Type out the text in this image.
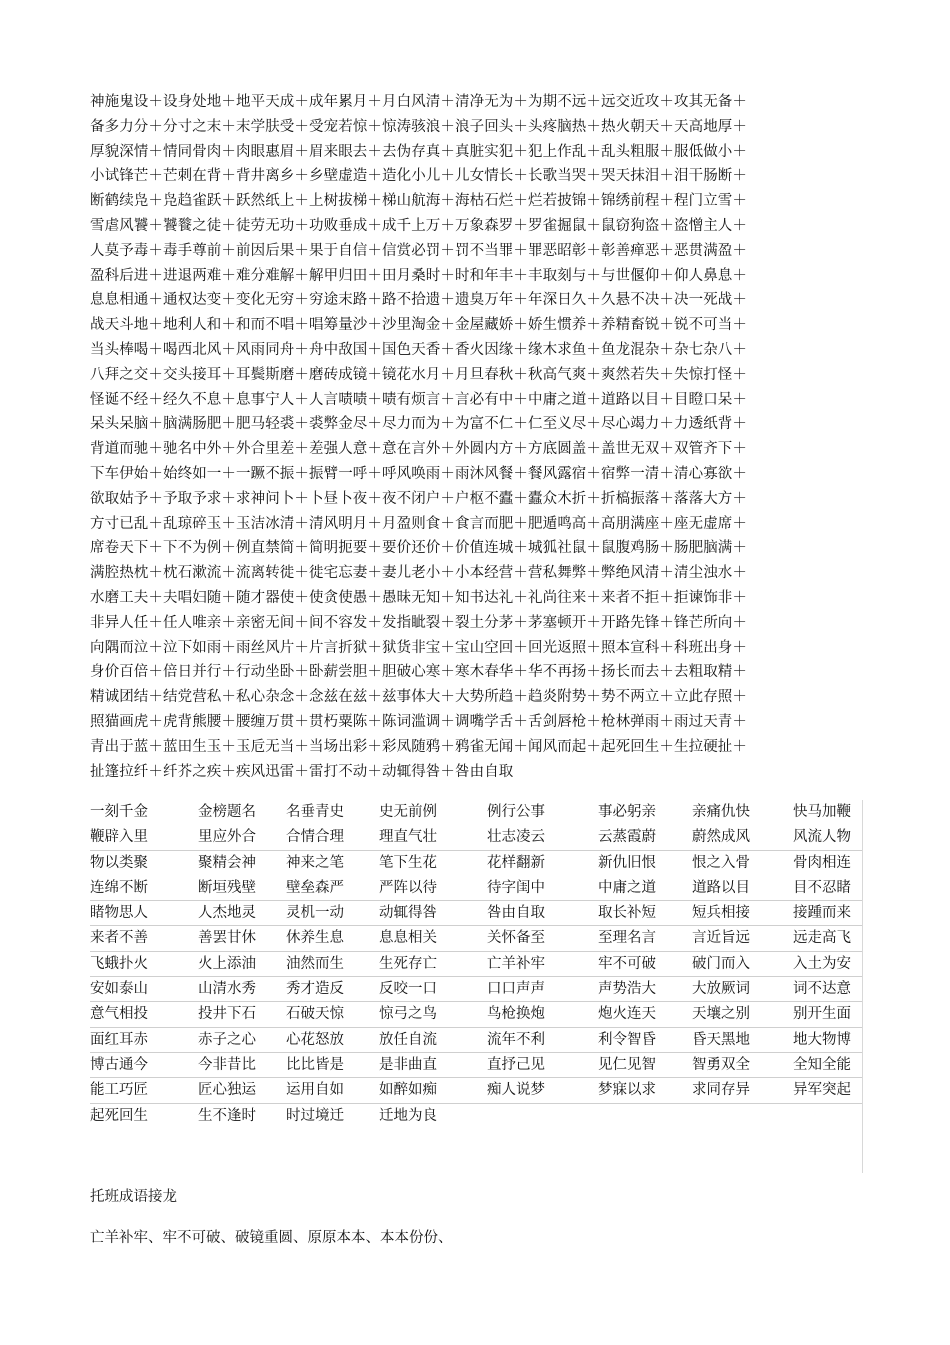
神施鬼设＋设身处地＋地平天成＋成年累月＋月白风清＋清净无为＋为期不远＋远交近攻＋攻其无备＋
备多力分＋分寸之末＋末学肤受＋受宠若惊＋惊涛骇浪＋浪子回头＋头疼脑热＋热火朝天＋天高地厚＋
厚貌深情＋情同骨肉＋肉眼惠眉＋眉来眼去＋去伪存真＋真脏实犯＋犯上作乱＋乱头粗服＋服低做小＋
小试锋芒＋芒刺在背＋背井离乡＋乡壁虚造＋造化小儿＋儿女情长＋长歌当哭＋哭天抹泪＋泪干肠断＋
断鹤续凫＋凫趋雀跃＋跃然纸上＋上树拔梯＋梯山航海＋海枯石烂＋烂若披锦＋锦绣前程＋程门立雪＋
雪虐风饕＋饕餮之徒＋徒劳无功＋功败垂成＋成千上万＋万象森罗＋罗雀掘鼠＋鼠窃狗盗＋盗憎主人＋
人莫予毒＋毒手尊前＋前因后果＋果于自信＋信赏必罚＋罚不当罪＋罪恶昭彰＋彰善瘅恶＋恶贯满盈＋
盈科后进＋进退两难＋难分难解＋解甲归田＋田月桑时＋时和年丰＋丰取刻与＋与世偃仰＋仰人鼻息＋
息息相通＋通权达变＋变化无穷＋穷途末路＋路不拾遗＋遗臭万年＋年深日久＋久悬不决＋决一死战＋
战天斗地＋地利人和＋和而不唱＋唱筹量沙＋沙里淘金＋金屋藏娇＋娇生惯养＋养精畜锐＋锐不可当＋
当头棒喝＋喝西北风＋风雨同舟＋舟中敌国＋国色天香＋香火因缘＋缘木求鱼＋鱼龙混杂＋杂七杂八＋
八拜之交＋交头接耳＋耳鬓斯磨＋磨砖成镜＋镜花水月＋月旦春秋＋秋高气爽＋爽然若失＋失惊打怪＋
怪诞不经＋经久不息＋息事宁人＋人言啧啧＋啧有烦言＋言必有中＋中庸之道＋道路以目＋目瞪口呆＋
呆头呆脑＋脑满肠肥＋肥马轻裘＋裘弊金尽＋尽力而为＋为富不仁＋仁至义尽＋尽心竭力＋力透纸背＋
背道而驰＋驰名中外＋外合里差＋差强人意＋意在言外＋外圆内方＋方底圆盖＋盖世无双＋双管齐下＋
下车伊始＋始终如一＋一蹶不振＋振臂一呼＋呼风唤雨＋雨沐风餐＋餐风露宿＋宿弊一清＋清心寡欲＋
欲取姑予＋予取予求＋求神问卜＋卜昼卜夜＋夜不闭户＋户枢不蠹＋蠹众木折＋折槁振落＋落落大方＋
方寸已乱＋乱琼碎玉＋玉洁冰清＋清风明月＋月盈则食＋食言而肥＋肥遁鸣高＋高朋满座＋座无虚席＋
席卷天下＋下不为例＋例直禁简＋简明扼要＋要价还价＋价值连城＋城狐社鼠＋鼠腹鸡肠＋肠肥脑满＋
满腔热枕＋枕石漱流＋流离转徙＋徙宅忘妻＋妻儿老小＋小本经营＋营私舞弊＋弊绝风清＋清尘浊水＋
水磨工夫＋夫唱妇随＋随才器使＋使贪使愚＋愚昧无知＋知书达礼＋礼尚往来＋来者不拒＋拒谏饰非＋
非异人任＋任人唯亲＋亲密无间＋间不容发＋发指眦裂＋裂土分茅＋茅塞顿开＋开路先锋＋锋芒所向＋
向隅而泣＋泣下如雨＋雨丝风片＋片言折狱＋狱货非宝＋宝山空回＋回光返照＋照本宣科＋科班出身＋
身价百倍＋倍日并行＋行动坐卧＋卧薪尝胆＋胆破心寒＋寒木春华＋华不再扬＋扬长而去＋去粗取精＋
精诚团结＋结党营私＋私心杂念＋念兹在兹＋兹事体大＋大势所趋＋趋炎附势＋势不两立＋立此存照＋
照猫画虎＋虎背熊腰＋腰缠万贯＋贯朽粟陈＋陈词滥调＋调嘴学舌＋舌剑唇枪＋枪林弹雨＋雨过天青＋
青出于蓝＋蓝田生玉＋玉卮无当＋当场出彩＋彩凤随鸦＋鸦雀无闻＋闻风而起＋起死回生＋生拉硬扯＋
扯篷拉纤＋纤芥之疾＋疾风迅雷＋雷打不动＋动辄得咎＋咎由自取
一刻千金	金榜题名 名垂青史 史无前例	例行公事	事必躬亲 亲痛仇快	快马加鞭
鞭辟入里	里应外合 合情合理 理直气壮	壮志凌云	云蒸霞蔚 蔚然成风	风流人物
物以类聚	聚精会神 神来之笔 笔下生花	花样翻新	新仇旧恨 恨之入骨	骨肉相连
连绵不断	断垣残壁 壁垒森严 严阵以待	待字闺中	中庸之道 道路以目	目不忍睹
睹物思人	人杰地灵 灵机一动 动辄得咎	咎由自取	取长补短 短兵相接	接踵而来
来者不善	善罢甘休 休养生息 息息相关	关怀备至	至理名言 言近旨远	远走高飞
飞蛾扑火	火上添油 油然而生 生死存亡	亡羊补牢	牢不可破 破门而入	入土为安
安如泰山	山清水秀 秀才造反 反咬一口	口口声声	声势浩大 大放厥词	词不达意
意气相投	投井下石 石破天惊 惊弓之鸟	鸟枪换炮	炮火连天 天壤之别	别开生面
面红耳赤	赤子之心 心花怒放 放任自流	流年不利	利令智昏 昏天黑地	地大物博
博古通今	今非昔比 比比皆是 是非曲直	直抒己见	见仁见智 智勇双全	全知全能
能工巧匠	匠心独运 运用自如 如醉如痴	痴人说梦	梦寐以求 求同存异	异军突起
起死回生	生不逢时 时过境迁 迁地为良
托班成语接龙
亡羊补牢、牢不可破、破镜重圆、原原本本、本本份份、
